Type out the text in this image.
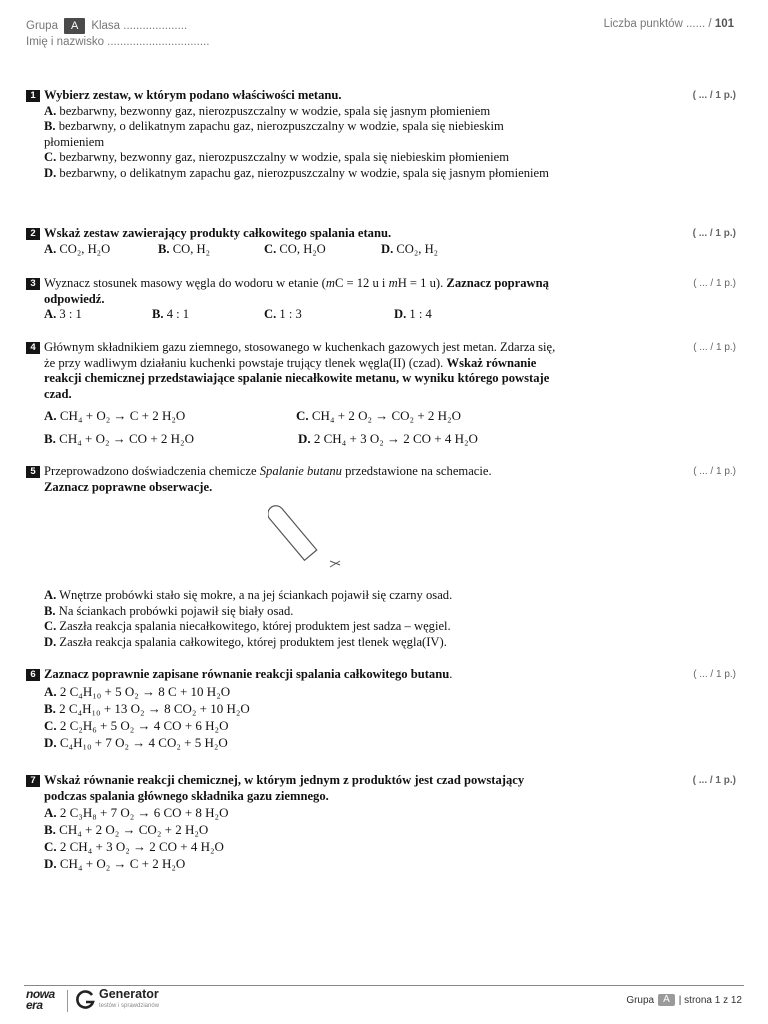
Grupa	A	Klasa ....................
Imię i nazwisko ................................
Liczba punktów ...... / 101
1 Wybierz zestaw, w którym podano właściwości metanu.	( ... / 1 p.)
A. bezbarwny, bezwonny gaz, nierozpuszczalny w wodzie, spala się jasnym płomieniem
B. bezbarwny, o delikatnym zapachu gaz, nierozpuszczalny w wodzie, spala się niebieskim płomieniem
C. bezbarwny, bezwonny gaz, nierozpuszczalny w wodzie, spala się niebieskim płomieniem
D. bezbarwny, o delikatnym zapachu gaz, nierozpuszczalny w wodzie, spala się jasnym płomieniem
2 Wskaż zestaw zawierający produkty całkowitego spalania etanu.	( ... / 1 p.)
A. CO₂, H₂O	B. CO, H₂	C. CO, H₂O	D. CO₂, H₂
3 Wyznacz stosunek masowy węgla do wodoru w etanie (mC = 12 u i mH = 1 u). Zaznacz poprawną odpowiedź.
( ... / 1 p.)
A. 3 : 1	B. 4 : 1	C. 1 : 3	D. 1 : 4
4 Głównym składnikiem gazu ziemnego, stosowanego w kuchenkach gazowych jest metan. Zdarza się, że przy wadliwym działaniu kuchenki powstaje trujący tlenek węgla(II) (czad). Wskaż równanie reakcji chemicznej przedstawiające spalanie niecałkowite metanu, w wyniku którego powstaje czad.
( ... / 1 p.)
A. CH₄ + O₂ → C + 2 H₂O	C. CH₄ + 2 O₂ → CO₂ + 2 H₂O
B. CH₄ + O₂ → CO + 2 H₂O	D. 2 CH₄ + 3 O₂ → 2 CO + 4 H₂O
5 Przeprowadzono doświadczenia chemicze Spalanie butanu przedstawione na schemacie.
Zaznacz poprawne obserwacje.
( ... / 1 p.)
A. Wnętrze probówki stało się mokre, a na jej ściankach pojawił się czarny osad.
B. Na ściankach probówki pojawił się biały osad.
C. Zaszła reakcja spalania niecałkowitego, której produktem jest sadza – węgiel.
D. Zaszła reakcja spalania całkowitego, której produktem jest tlenek węgla(IV).
6 Zaznacz poprawnie zapisane równanie reakcji spalania całkowitego butanu.	( ... / 1 p.)
A. 2 C₄H₁₀ + 5 O₂ → 8 C + 10 H₂O
B. 2 C₄H₁₀ + 13 O₂ → 8 CO₂ + 10 H₂O
C. 2 C₂H₆ + 5 O₂ → 4 CO + 6 H₂O
D. C₄H₁₀ + 7 O₂ → 4 CO₂ + 5 H₂O
7 Wskaż równanie reakcji chemicznej, w którym jednym z produktów jest czad powstający podczas spalania głównego składnika gazu ziemnego.
( ... / 1 p.)
A. 2 C₃H₈ + 7 O₂ → 6 CO + 8 H₂O
B. CH₄ + 2 O₂ → CO₂ + 2 H₂O
C. 2 CH₄ + 3 O₂ → 2 CO + 4 H₂O
D. CH₄ + O₂ → C + 2 H₂O
nowa
era
Generator
testów i sprawdzianów
Grupa A | strona 1 z 12
